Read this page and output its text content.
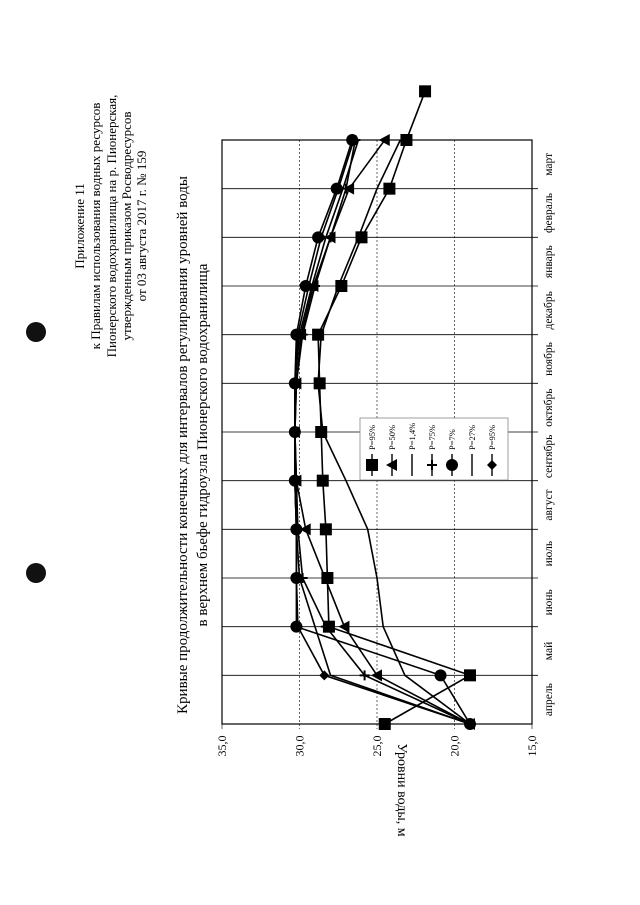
Приложение 11 к Правилам использования водных ресурсов Пионерского водохранилища на р. Пионерская, утвержденным приказом Росводресурсов от 03 августа 2017 г. № 159 Кривые продолжительности конечных для интервалов регулирования уровней воды в верхнем бьефе гидроузла Пионерского водохранилища
Уровни воды, м	15,0
20,0
25,0
30,0
35,0
апрель
май
июнь
июль
август
сентябрь
октябрь
ноябрь
декабрь
январь
февраль
март
P=95% P=50% P=1,4% P=75% P=7% P=27% P=95%
